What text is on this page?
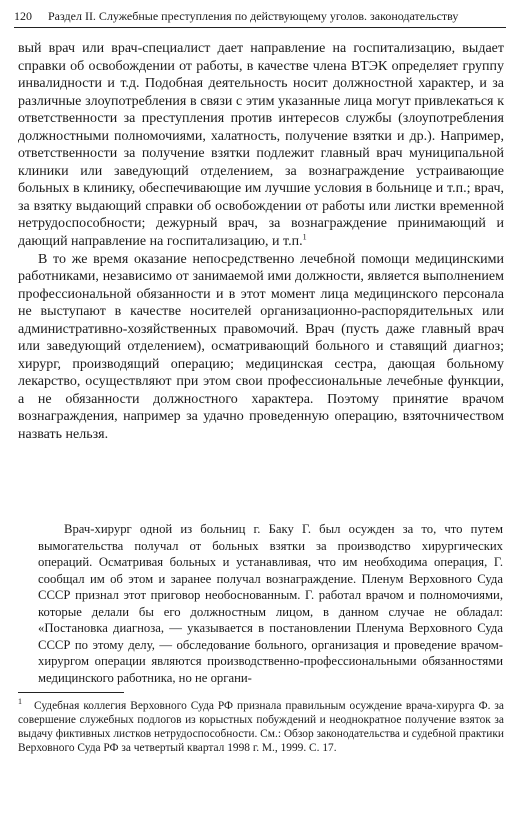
120 Раздел II. Служебные преступления по действующему уголов. законодательству

вый врач или врач-специалист дает направление на госпитализацию, выдает справки об освобождении от работы, в качестве члена ВТЭК определяет группу инвалидности и т.д. Подобная деятельность носит должностной характер, и за различные злоупотребления в связи с этим указанные лица могут привлекаться к ответственности за преступления против интересов службы (злоупотребления должностными полномочиями, халатность, получение взятки и др.). Например, ответственности за получение взятки подлежит главный врач муниципальной клиники или заведующий отделением, за вознаграждение устраивающие больных в клинику, обеспечивающие им лучшие условия в больнице и т.п.; врач, за взятку выдающий справки об освобождении от работы или листки временной нетрудоспособности; дежурный врач, за вознаграждение принимающий и дающий направление на госпитализацию, и т.п.$^1$

В то же время оказание непосредственно лечебной помощи медицинскими работниками, независимо от занимаемой ими должности, является выполнением профессиональной обязанности и в этот момент лица медицинского персонала не выступают в качестве носителей организационно-распорядительных или административно-хозяйственных правомочий. Врач (пусть даже главный врач или заведующий отделением), осматривающий больного и ставящий диагноз; хирург, производящий операцию; медицинская сестра, дающая больному лекарство, осуществляют при этом свои профессиональные лечебные функции, а не обязанности должностного характера. Поэтому принятие врачом вознаграждения, например за удачно проведенную операцию, взяточничеством назвать нельзя.

Врач-хирург одной из больниц г. Баку Г. был осужден за то, что путем вымогательства получал от больных взятки за производство хирургических операций. Осматривая больных и устанавливая, что им необходима операция, Г. сообщал им об этом и заранее получал вознаграждение. Пленум Верховного Суда СССР признал этот приговор необоснованным. Г. работал врачом и полномочиями, которые делали бы его должностным лицом, в данном случае не обладал: «Постановка диагноза, — указывается в постановлении Пленума Верховного Суда СССР по этому делу, — обследование больного, организация и проведение врачом-хирургом операции являются производственно-профессиональными обязанностями медицинского работника, но не органи-

1 Судебная коллегия Верховного Суда РФ признала правильным осуждение врача-хирурга Ф. за совершение служебных подлогов из корыстных побуждений и неоднократное получение взяток за выдачу фиктивных листков нетрудоспособности. См.: Обзор законодательства и судебной практики Верховного Суда РФ за четвертый квартал 1998 г. М., 1999. С. 17.
